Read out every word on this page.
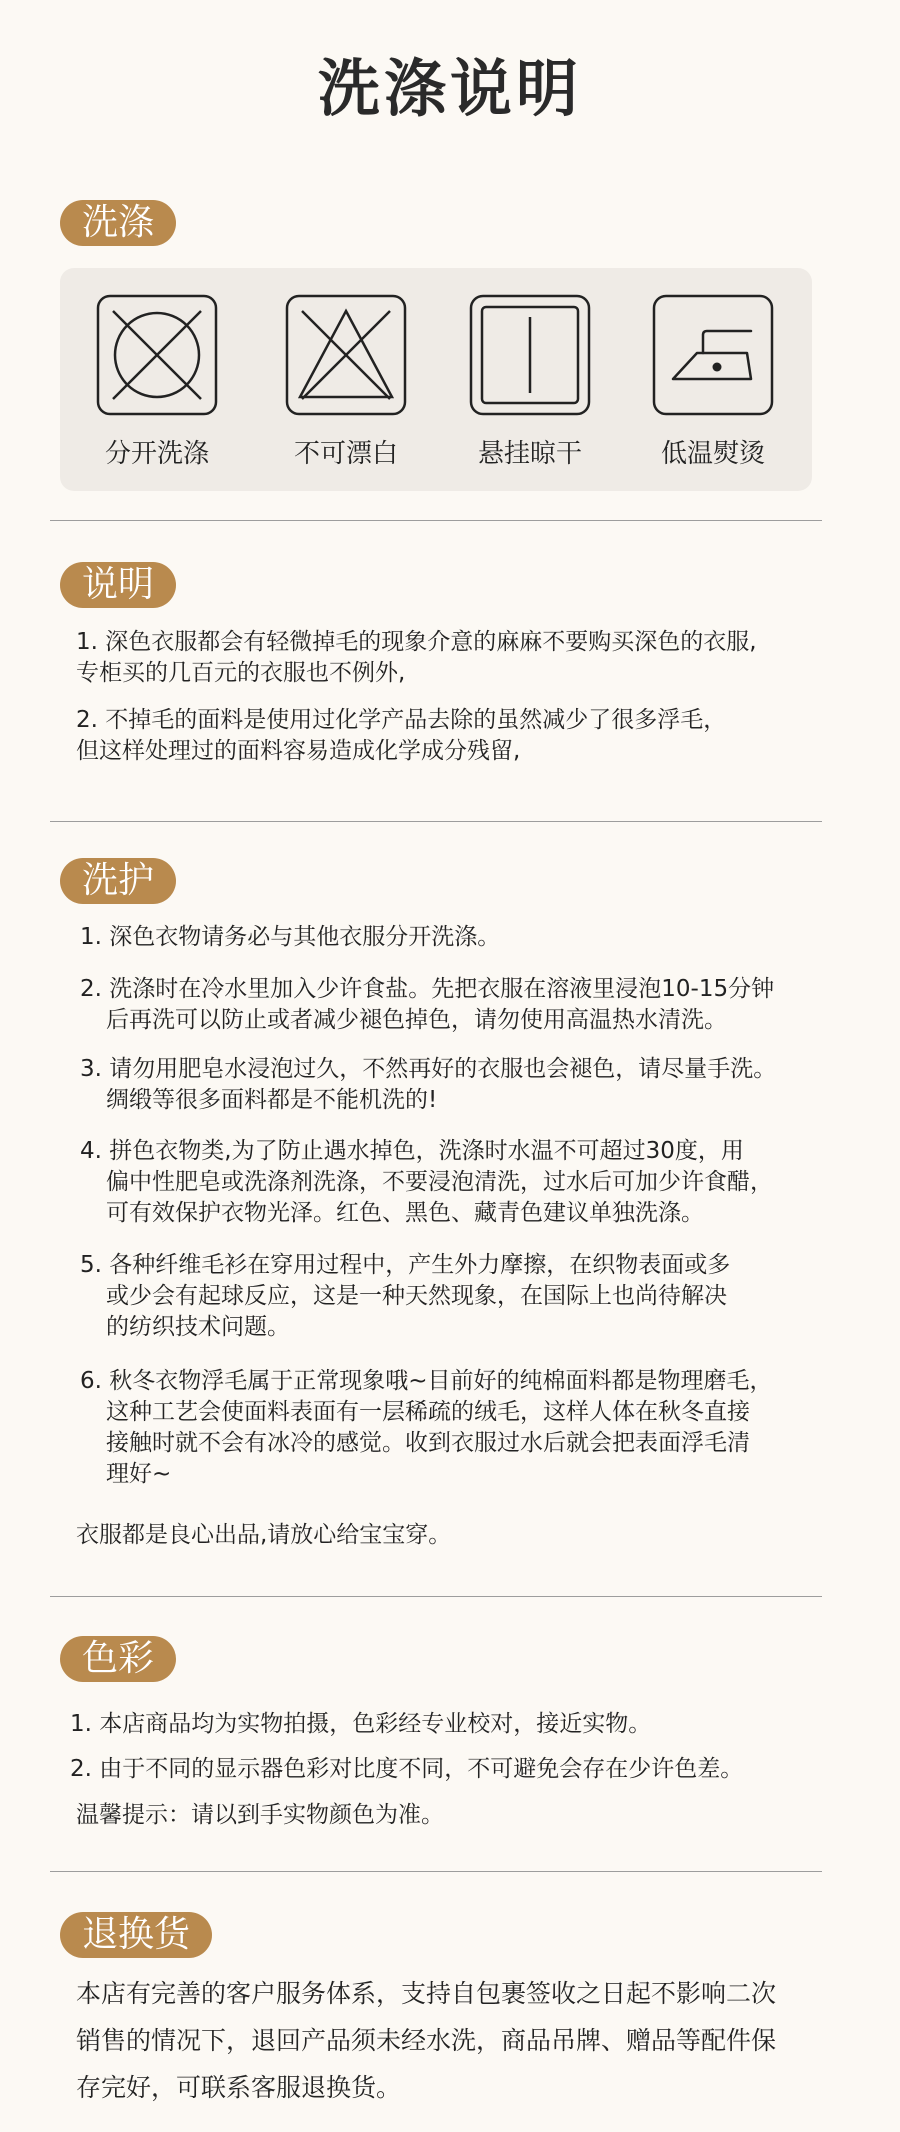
洗涤说明
洗涤
分开洗涤	不可漂白	悬挂晾干	低温熨烫
说明
1. 深色衣服都会有轻微掉毛的现象介意的麻麻不要购买深色的衣服,
专柜买的几百元的衣服也不例外,
2. 不掉毛的面料是使用过化学产品去除的虽然减少了很多浮毛，
但这样处理过的面料容易造成化学成分残留,
洗护
1. 深色衣物请务必与其他衣服分开洗涤。
2. 洗涤时在冷水里加入少许食盐。先把衣服在溶液里浸泡10-15分钟
后再洗可以防止或者减少褪色掉色，请勿使用高温热水清洗。
3. 请勿用肥皂水浸泡过久，不然再好的衣服也会褪色，请尽量手洗。
绸缎等很多面料都是不能机洗的!
4. 拼色衣物类,为了防止遇水掉色，洗涤时水温不可超过30度，用
偏中性肥皂或洗涤剂洗涤，不要浸泡清洗，过水后可加少许食醋，
可有效保护衣物光泽。红色、黑色、藏青色建议单独洗涤。
5. 各种纤维毛衫在穿用过程中，产生外力摩擦，在织物表面或多
或少会有起球反应，这是一种天然现象，在国际上也尚待解决
的纺织技术问题。
6. 秋冬衣物浮毛属于正常现象哦~目前好的纯棉面料都是物理磨毛，
这种工艺会使面料表面有一层稀疏的绒毛，这样人体在秋冬直接
接触时就不会有冰冷的感觉。收到衣服过水后就会把表面浮毛清
理好~
衣服都是良心出品,请放心给宝宝穿。
色彩
1. 本店商品均为实物拍摄，色彩经专业校对，接近实物。
2. 由于不同的显示器色彩对比度不同，不可避免会存在少许色差。
温馨提示：请以到手实物颜色为准。
退换货
本店有完善的客户服务体系，支持自包裹签收之日起不影响二次
销售的情况下，退回产品须未经水洗，商品吊牌、赠品等配件保
存完好，可联系客服退换货。
